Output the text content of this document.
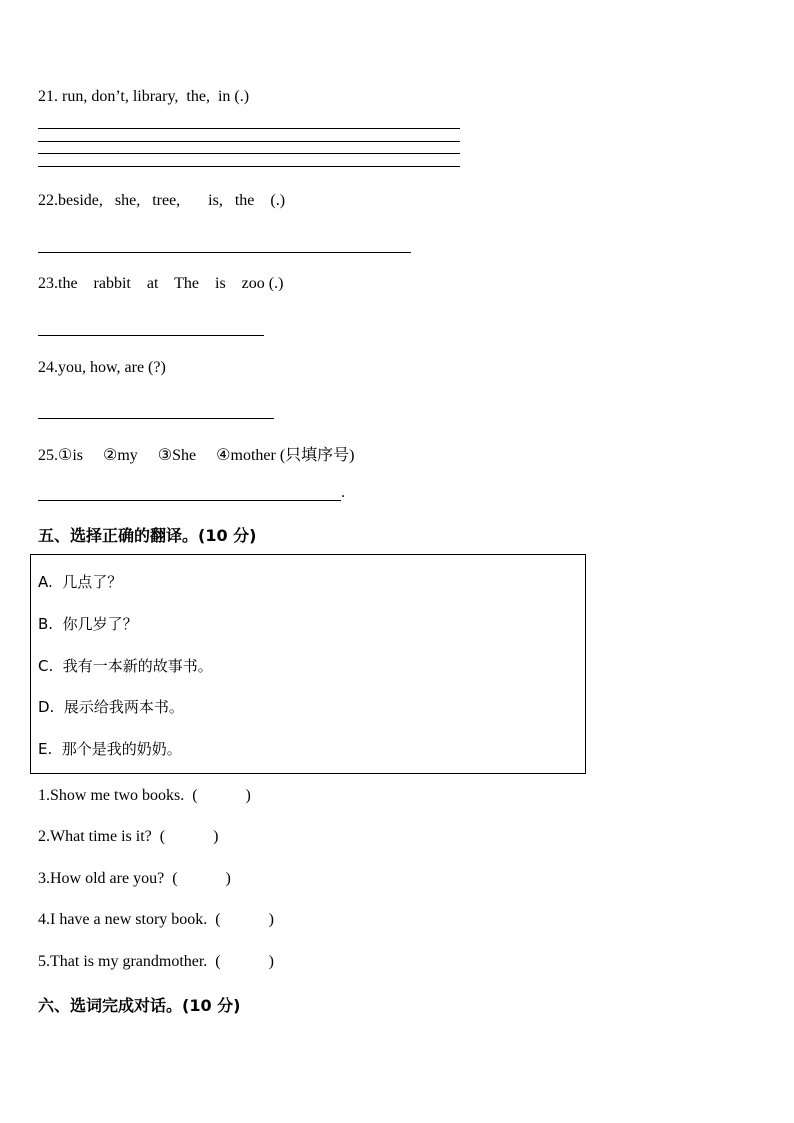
21. run, don’t, library,  the,  in (.)
22.beside,   she,   tree,       is,   the    (.)
23.the    rabbit    at    The    is    zoo (.)
24.you, how, are (?)
25.①is     ②my     ③She     ④mother (只填序号)
.
五、选择正确的翻译。(10 分)
A.  几点了？
B.  你几岁了？
C.  我有一本新的故事书。
D.  展示给我两本书。
E.  那个是我的奶奶。
1.Show me two books.  (            )
2.What time is it?  (            )
3.How old are you?  (            )
4.I have a new story book.  (            )
5.That is my grandmother.  (            )
六、选词完成对话。(10 分)
